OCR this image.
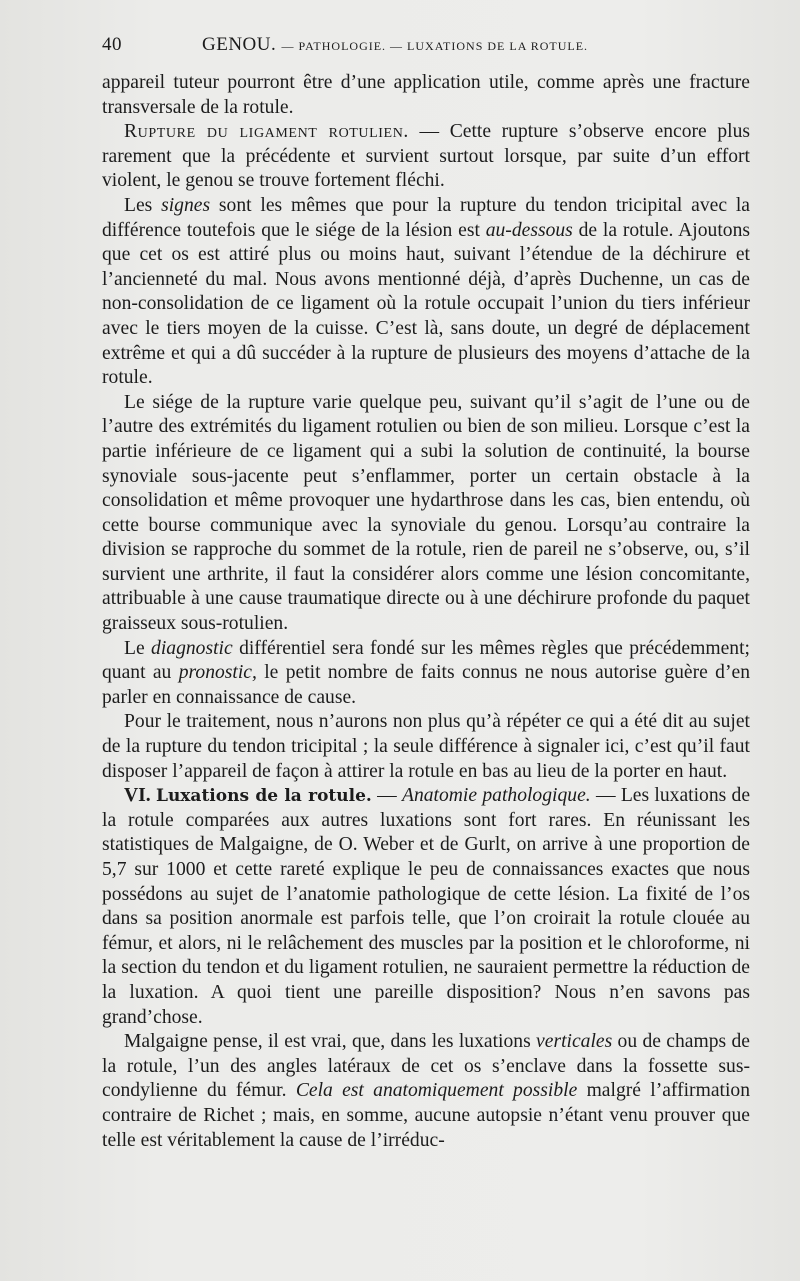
40	GENOU. — PATHOLOGIE. — LUXATIONS DE LA ROTULE.

appareil tuteur pourront être d’une application utile, comme après une fracture transversale de la rotule.

Rupture du ligament rotulien. — Cette rupture s’observe encore plus rarement que la précédente et survient surtout lorsque, par suite d’un effort violent, le genou se trouve fortement fléchi.

Les signes sont les mêmes que pour la rupture du tendon tricipital avec la différence toutefois que le siége de la lésion est au-dessous de la rotule. Ajoutons que cet os est attiré plus ou moins haut, suivant l’étendue de la déchirure et l’ancienneté du mal. Nous avons mentionné déjà, d’après Duchenne, un cas de non-consolidation de ce ligament où la rotule occupait l’union du tiers inférieur avec le tiers moyen de la cuisse. C’est là, sans doute, un degré de déplacement extrême et qui a dû succéder à la rupture de plusieurs des moyens d’attache de la rotule.

Le siége de la rupture varie quelque peu, suivant qu’il s’agit de l’une ou de l’autre des extrémités du ligament rotulien ou bien de son milieu. Lorsque c’est la partie inférieure de ce ligament qui a subi la solution de continuité, la bourse synoviale sous-jacente peut s’enflammer, porter un certain obstacle à la consolidation et même provoquer une hydarthrose dans les cas, bien entendu, où cette bourse communique avec la synoviale du genou. Lorsqu’au contraire la division se rapproche du sommet de la rotule, rien de pareil ne s’observe, ou, s’il survient une arthrite, il faut la considérer alors comme une lésion concomitante, attribuable à une cause traumatique directe ou à une déchirure profonde du paquet graisseux sous-rotulien.

Le diagnostic différentiel sera fondé sur les mêmes règles que précédemment; quant au pronostic, le petit nombre de faits connus ne nous autorise guère d’en parler en connaissance de cause.

Pour le traitement, nous n’aurons non plus qu’à répéter ce qui a été dit au sujet de la rupture du tendon tricipital ; la seule différence à signaler ici, c’est qu’il faut disposer l’appareil de façon à attirer la rotule en bas au lieu de la porter en haut.

VI. Luxations de la rotule. — Anatomie pathologique. — Les luxations de la rotule comparées aux autres luxations sont fort rares. En réunissant les statistiques de Malgaigne, de O. Weber et de Gurlt, on arrive à une proportion de 5,7 sur 1000 et cette rareté explique le peu de connaissances exactes que nous possédons au sujet de l’anatomie pathologique de cette lésion. La fixité de l’os dans sa position anormale est parfois telle, que l’on croirait la rotule clouée au fémur, et alors, ni le relâchement des muscles par la position et le chloroforme, ni la section du tendon et du ligament rotulien, ne sauraient permettre la réduction de la luxation. A quoi tient une pareille disposition? Nous n’en savons pas grand’chose.

Malgaigne pense, il est vrai, que, dans les luxations verticales ou de champs de la rotule, l’un des angles latéraux de cet os s’enclave dans la fossette sus-condylienne du fémur. Cela est anatomiquement possible malgré l’affirmation contraire de Richet ; mais, en somme, aucune autopsie n’étant venu prouver que telle est véritablement la cause de l’irréduc-
